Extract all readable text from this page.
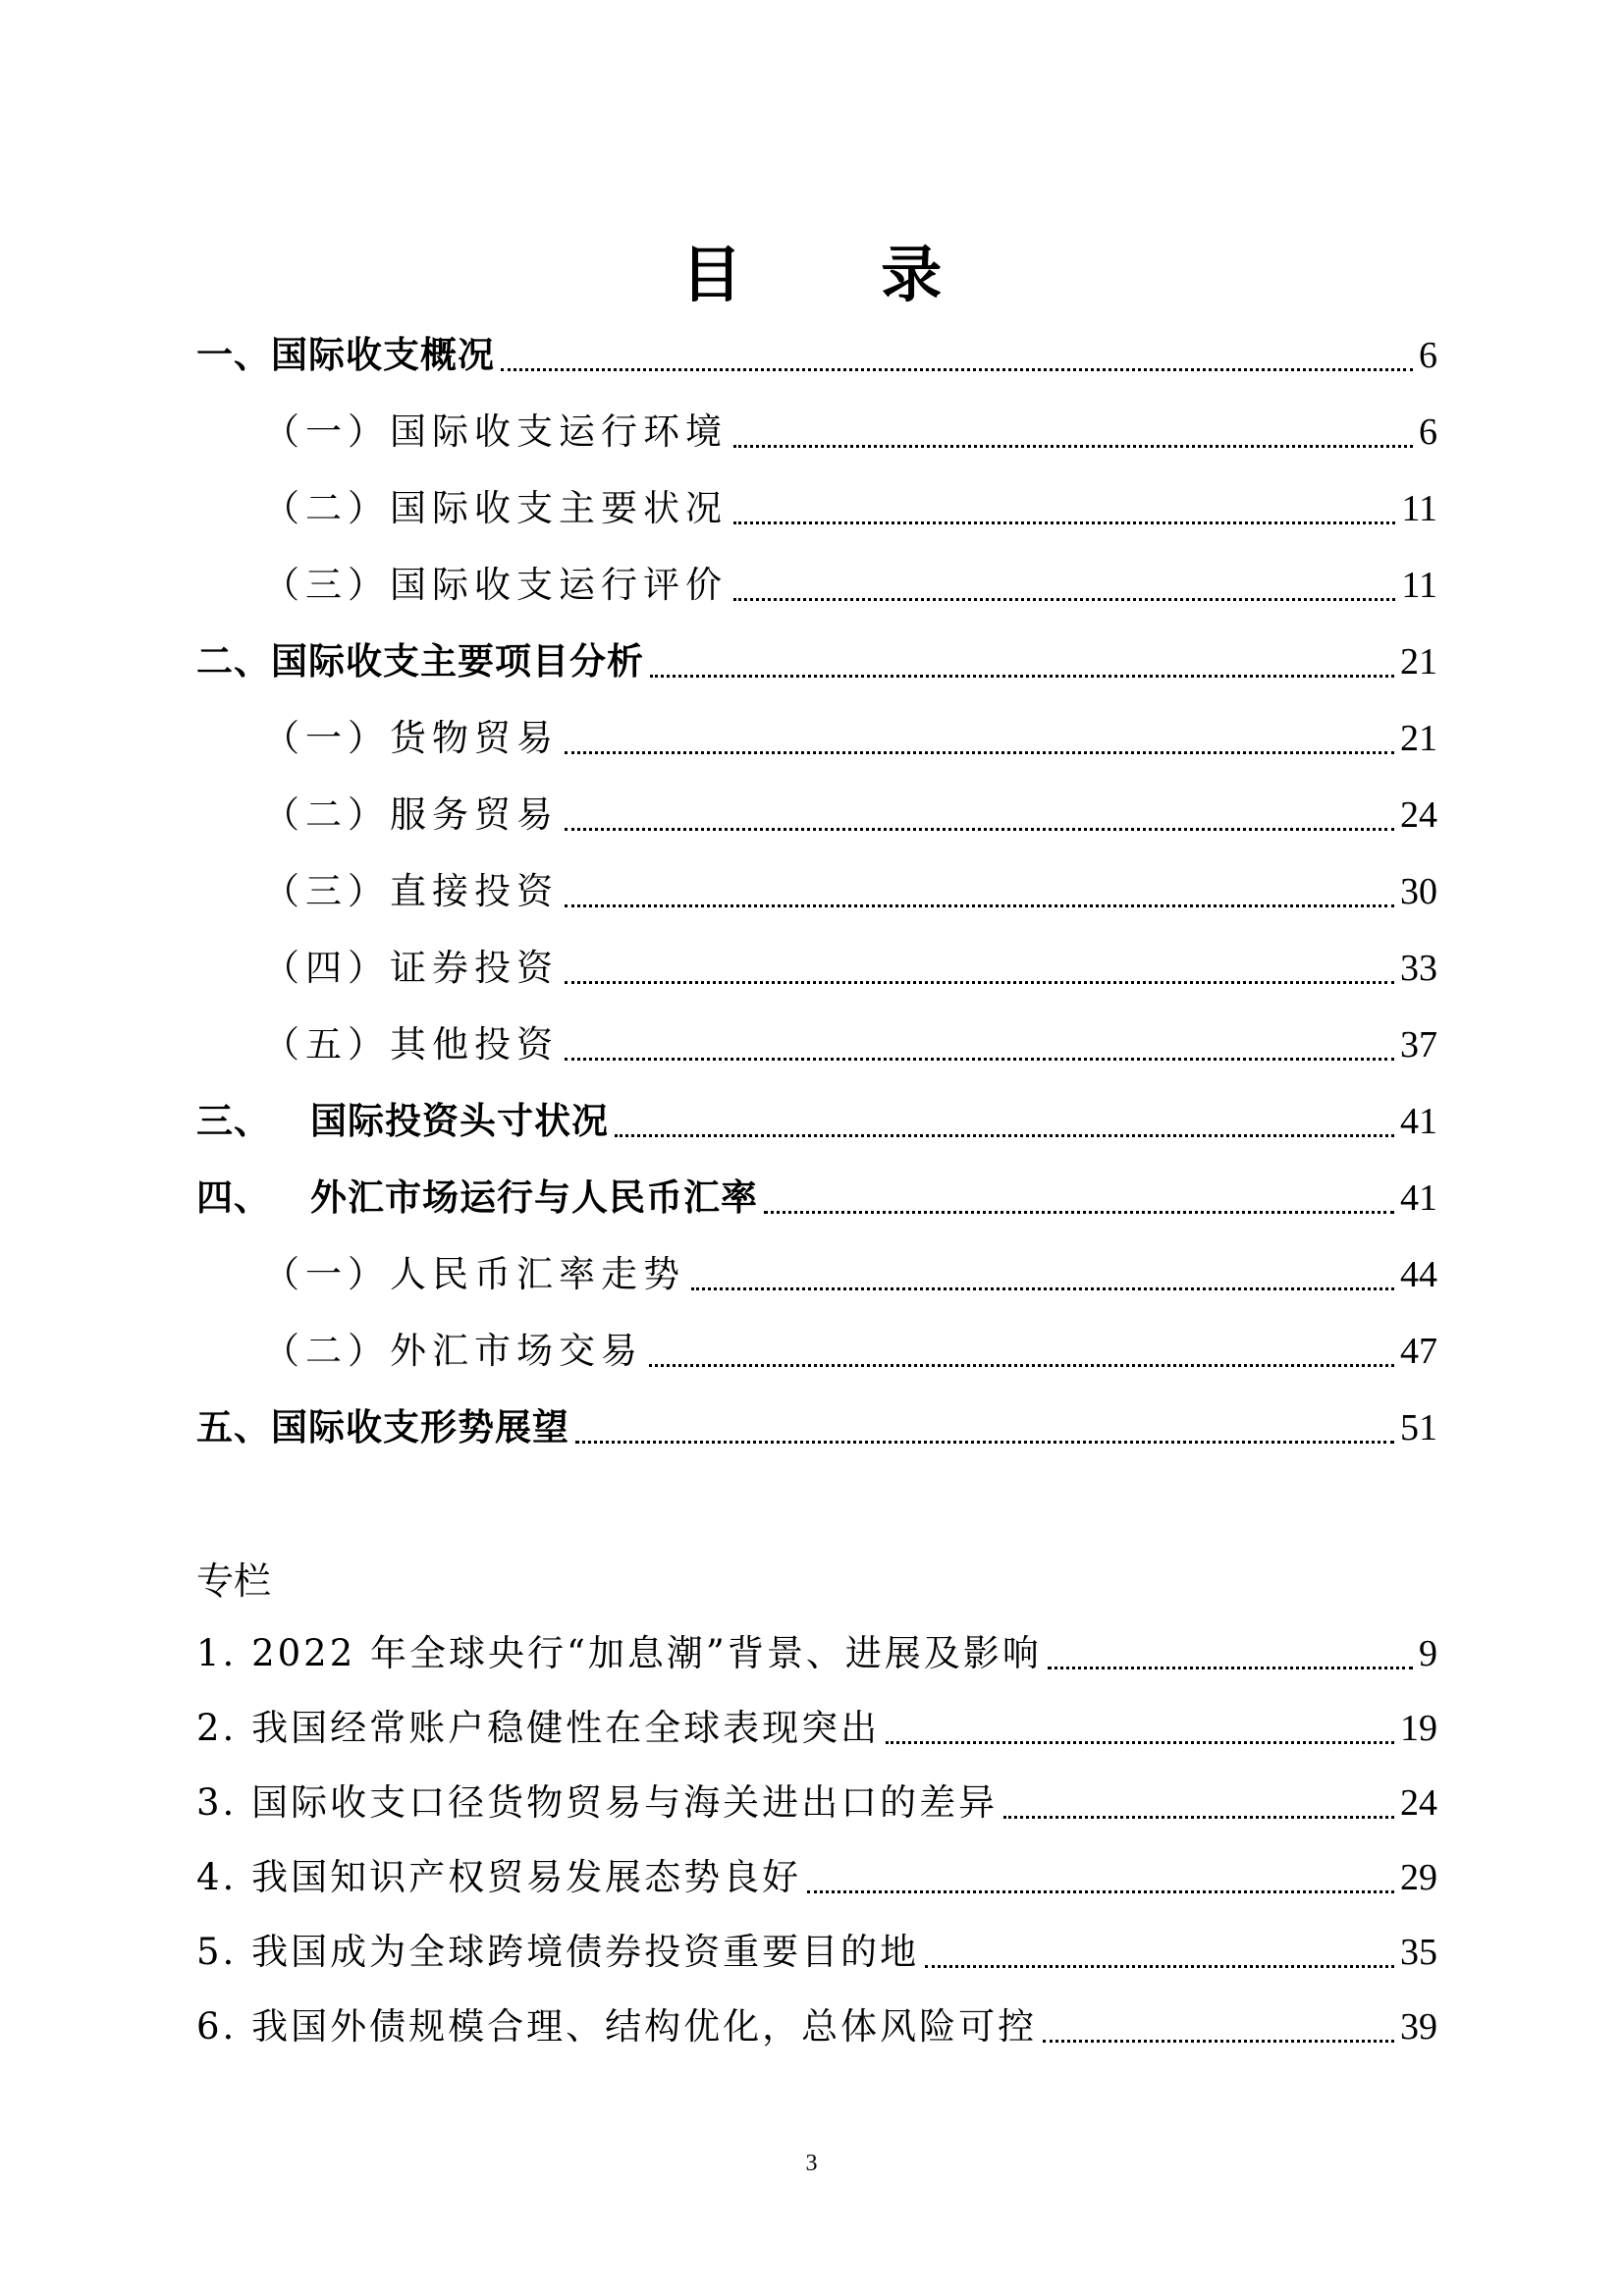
目 录
一、国际收支概况	6
（一）国际收支运行环境	6
（二）国际收支主要状况	11
（三）国际收支运行评价	11
二、国际收支主要项目分析	21
（一）货物贸易	21
（二）服务贸易	24
（三）直接投资	30
（四）证券投资	33
（五）其他投资	37
三、 国际投资头寸状况	41
四、 外汇市场运行与人民币汇率	41
（一）人民币汇率走势	44
（二）外汇市场交易	47
五、国际收支形势展望	51
专栏
1. 2022 年全球央行“加息潮”背景、进展及影响	9
2. 我国经常账户稳健性在全球表现突出	19
3. 国际收支口径货物贸易与海关进出口的差异	24
4. 我国知识产权贸易发展态势良好	29
5. 我国成为全球跨境债券投资重要目的地	35
6. 我国外债规模合理、结构优化，总体风险可控	39
3
